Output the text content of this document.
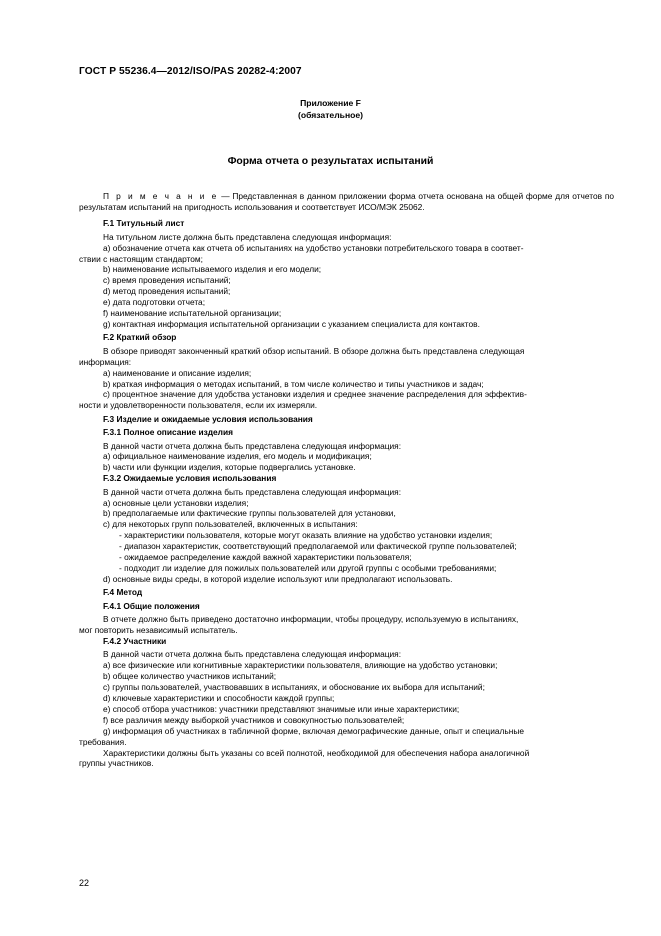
ГОСТ Р 55236.4—2012/ISO/PAS 20282-4:2007
Приложение F
(обязательное)
Форма отчета о результатах испытаний

П р и м е ч а н и е — Представленная в данном приложении форма отчета основана на общей форме для отчетов по результатам испытаний на пригодность использования и соответствует ИСО/МЭК 25062.

F.1 Титульный лист

На титульном листе должна быть представлена следующая информация:

a) обозначение отчета как отчета об испытаниях на удобство установки потребительского товара в соответ-

ствии с настоящим стандартом;

b) наименование испытываемого изделия и его модели;

c) время проведения испытаний;

d) метод проведения испытаний;

e) дата подготовки отчета;

f) наименование испытательной организации;

g) контактная информация испытательной организации с указанием специалиста для контактов.

F.2 Краткий обзор

В обзоре приводят законченный краткий обзор испытаний. В обзоре должна быть представлена следующая

информация:

a) наименование и описание изделия;

b) краткая информация о методах испытаний, в том числе количество и типы участников и задач;

c) процентное значение для удобства установки изделия и среднее значение распределения для эффектив-

ности и удовлетворенности пользователя, если их измеряли.

F.3 Изделие и ожидаемые условия использования

F.3.1 Полное описание изделия

В данной части отчета должна быть представлена следующая информация:

a) официальное наименование изделия, его модель и модификация;

b) части или функции изделия, которые подвергались установке.

F.3.2 Ожидаемые условия использования

В данной части отчета должна быть представлена следующая информация:

a) основные цели установки изделия;

b) предполагаемые или фактические группы пользователей для установки,

c) для некоторых групп пользователей, включенных в испытания:

- характеристики пользователя, которые могут оказать влияние на удобство установки изделия;

- диапазон характеристик, соответствующий предполагаемой или фактической группе пользователей;

- ожидаемое распределение каждой важной характеристики пользователя;

- подходит ли изделие для пожилых пользователей или другой группы с особыми требованиями;

d) основные виды среды, в которой изделие используют или предполагают использовать.

F.4 Метод

F.4.1 Общие положения

В отчете должно быть приведено достаточно информации, чтобы процедуру, используемую в испытаниях,

мог повторить независимый испытатель.

F.4.2 Участники

В данной части отчета должна быть представлена следующая информация:

a) все физические или когнитивные характеристики пользователя, влияющие на удобство установки;

b) общее количество участников испытаний;

c) группы пользователей, участвовавших в испытаниях, и обоснование их выбора для испытаний;

d) ключевые характеристики и способности каждой группы;

e) способ отбора участников: участники представляют значимые или иные характеристики;

f) все различия между выборкой участников и совокупностью пользователей;

g) информация об участниках в табличной форме, включая демографические данные, опыт и специальные

требования.

Характеристики должны быть указаны со всей полнотой, необходимой для обеспечения набора аналогичной

группы участников.

22
